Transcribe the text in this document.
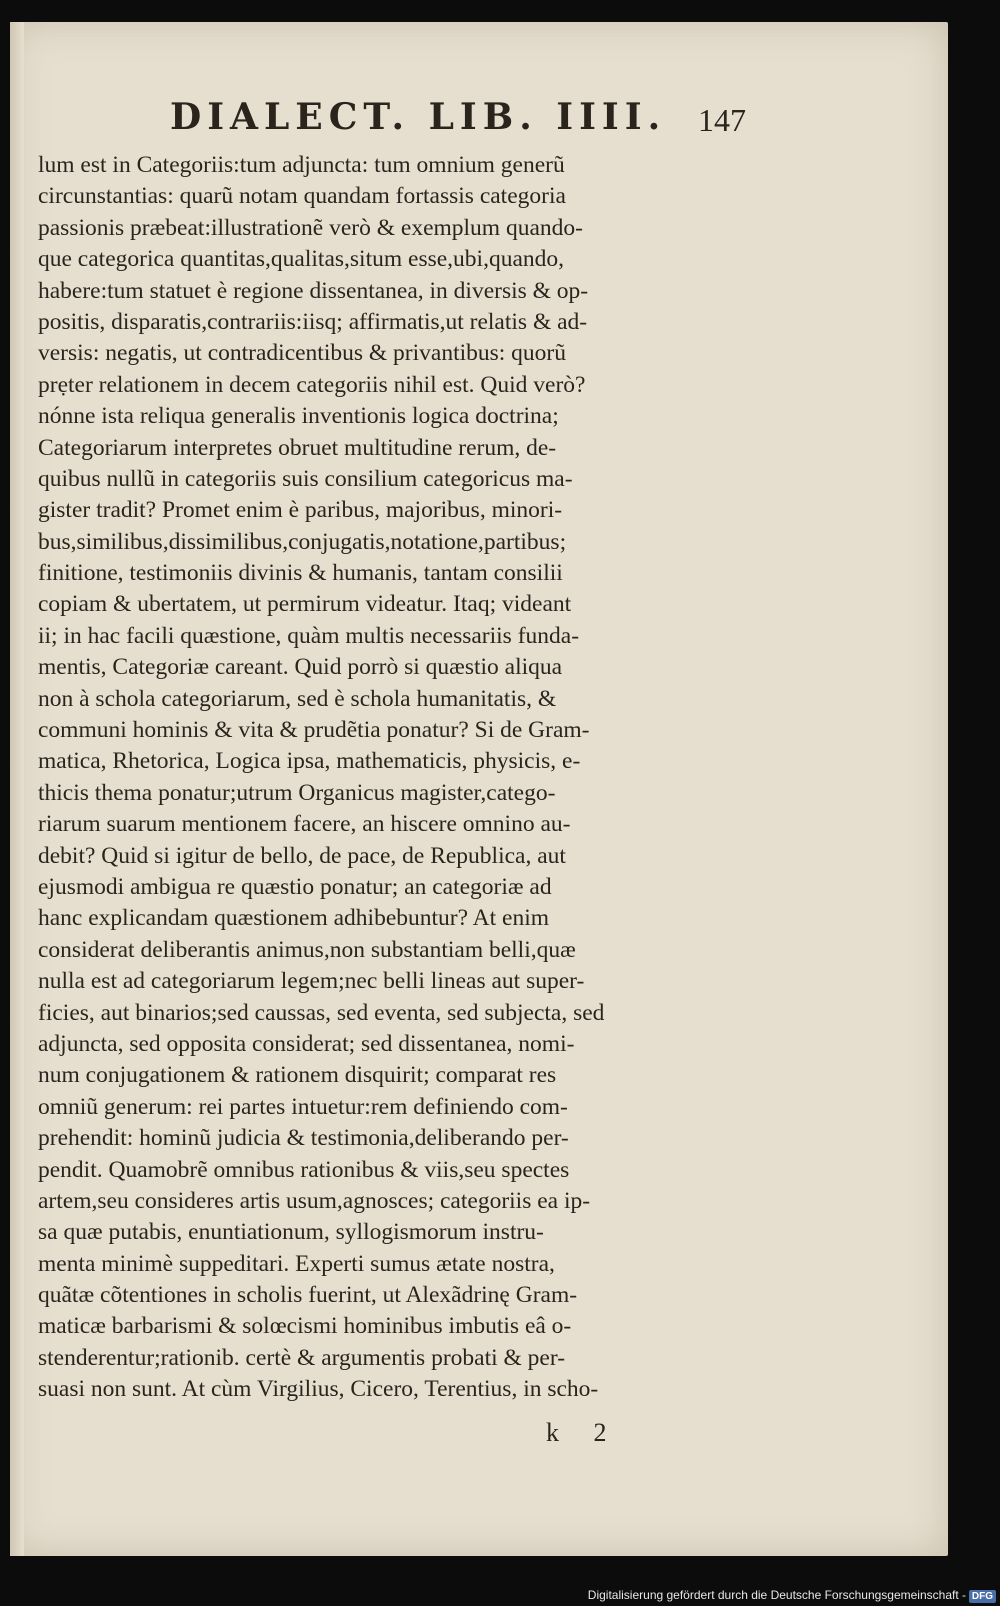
DIALECT. LIB. IIII. 147
lum est in Categoriis:tum adjuncta: tum omnium generũ
circunstantias: quarũ notam quandam fortassis categoria
passionis præbeat:illustrationẽ verò & exemplum quando-
que categorica quantitas,qualitas,situm esse,ubi,quando,
habere:tum statuet è regione dissentanea, in diversis & op-
positis, disparatis,contrariis:iisq; affirmatis,ut relatis & ad-
versis: negatis, ut contradicentibus & privantibus: quorũ
prẹter relationem in decem categoriis nihil est. Quid verò?
nónne ista reliqua generalis inventionis logica doctrina;
Categoriarum interpretes obruet multitudine rerum, de-
quibus nullũ in categoriis suis consilium categoricus ma-
gister tradit? Promet enim è paribus, majoribus, minori-
bus,similibus,dissimilibus,conjugatis,notatione,partibus;
finitione, testimoniis divinis & humanis, tantam consilii
copiam & ubertatem, ut permirum videatur. Itaq; videant
ii; in hac facili quæstione, quàm multis necessariis funda-
mentis, Categoriæ careant. Quid porrò si quæstio aliqua
non à schola categoriarum, sed è schola humanitatis, &
communi hominis & vita & prudẽtia ponatur? Si de Gram-
matica, Rhetorica, Logica ipsa, mathematicis, physicis, e-
thicis thema ponatur;utrum Organicus magister,catego-
riarum suarum mentionem facere, an hiscere omnino au-
debit? Quid si igitur de bello, de pace, de Republica, aut
ejusmodi ambigua re quæstio ponatur; an categoriæ ad
hanc explicandam quæstionem adhibebuntur? At enim
considerat deliberantis animus,non substantiam belli,quæ
nulla est ad categoriarum legem;nec belli lineas aut super-
ficies, aut binarios;sed caussas, sed eventa, sed subjecta, sed
adjuncta, sed opposita considerat; sed dissentanea, nomi-
num conjugationem & rationem disquirit; comparat res
omniũ generum: rei partes intuetur:rem definiendo com-
prehendit: hominũ judicia & testimonia,deliberando per-
pendit. Quamobrẽ omnibus rationibus & viis,seu spectes
artem,seu consideres artis usum,agnosces; categoriis ea ip-
sa quæ putabis, enuntiationum, syllogismorum instru-
menta minimè suppeditari. Experti sumus ætate nostra,
quãtæ cõtentiones in scholis fuerint, ut Alexãdrinę Gram-
maticæ barbarismi & solœcismi hominibus imbutis eâ o-
stenderentur;rationib. certè & argumentis probati & per-
suasi non sunt. At cùm Virgilius, Cicero, Terentius, in scho-
k 2
Digitalisierung gefördert durch die Deutsche Forschungsgemeinschaft - DFG
